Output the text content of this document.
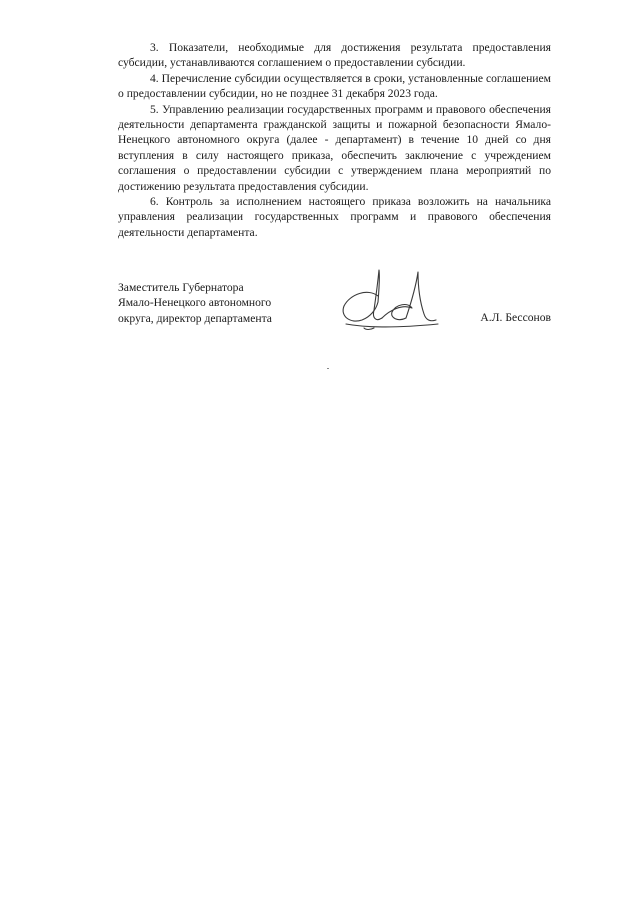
3. Показатели, необходимые для достижения результата предоставления субсидии, устанавливаются соглашением о предоставлении субсидии.

4. Перечисление субсидии осуществляется в сроки, установленные соглашением о предоставлении субсидии, но не позднее 31 декабря 2023 года.

5. Управлению реализации государственных программ и правового обеспечения деятельности департамента гражданской защиты и пожарной безопасности Ямало-Ненецкого автономного округа (далее - департамент) в течение 10 дней со дня вступления в силу настоящего приказа, обеспечить заключение с учреждением соглашения о предоставлении субсидии с утверждением плана мероприятий по достижению результата предоставления субсидии.

6. Контроль за исполнением настоящего приказа возложить на начальника управления реализации государственных программ и правового обеспечения деятельности департамента.

Заместитель Губернатора
Ямало-Ненецкого автономного
округа, директор департамента	А.Л. Бессонов
